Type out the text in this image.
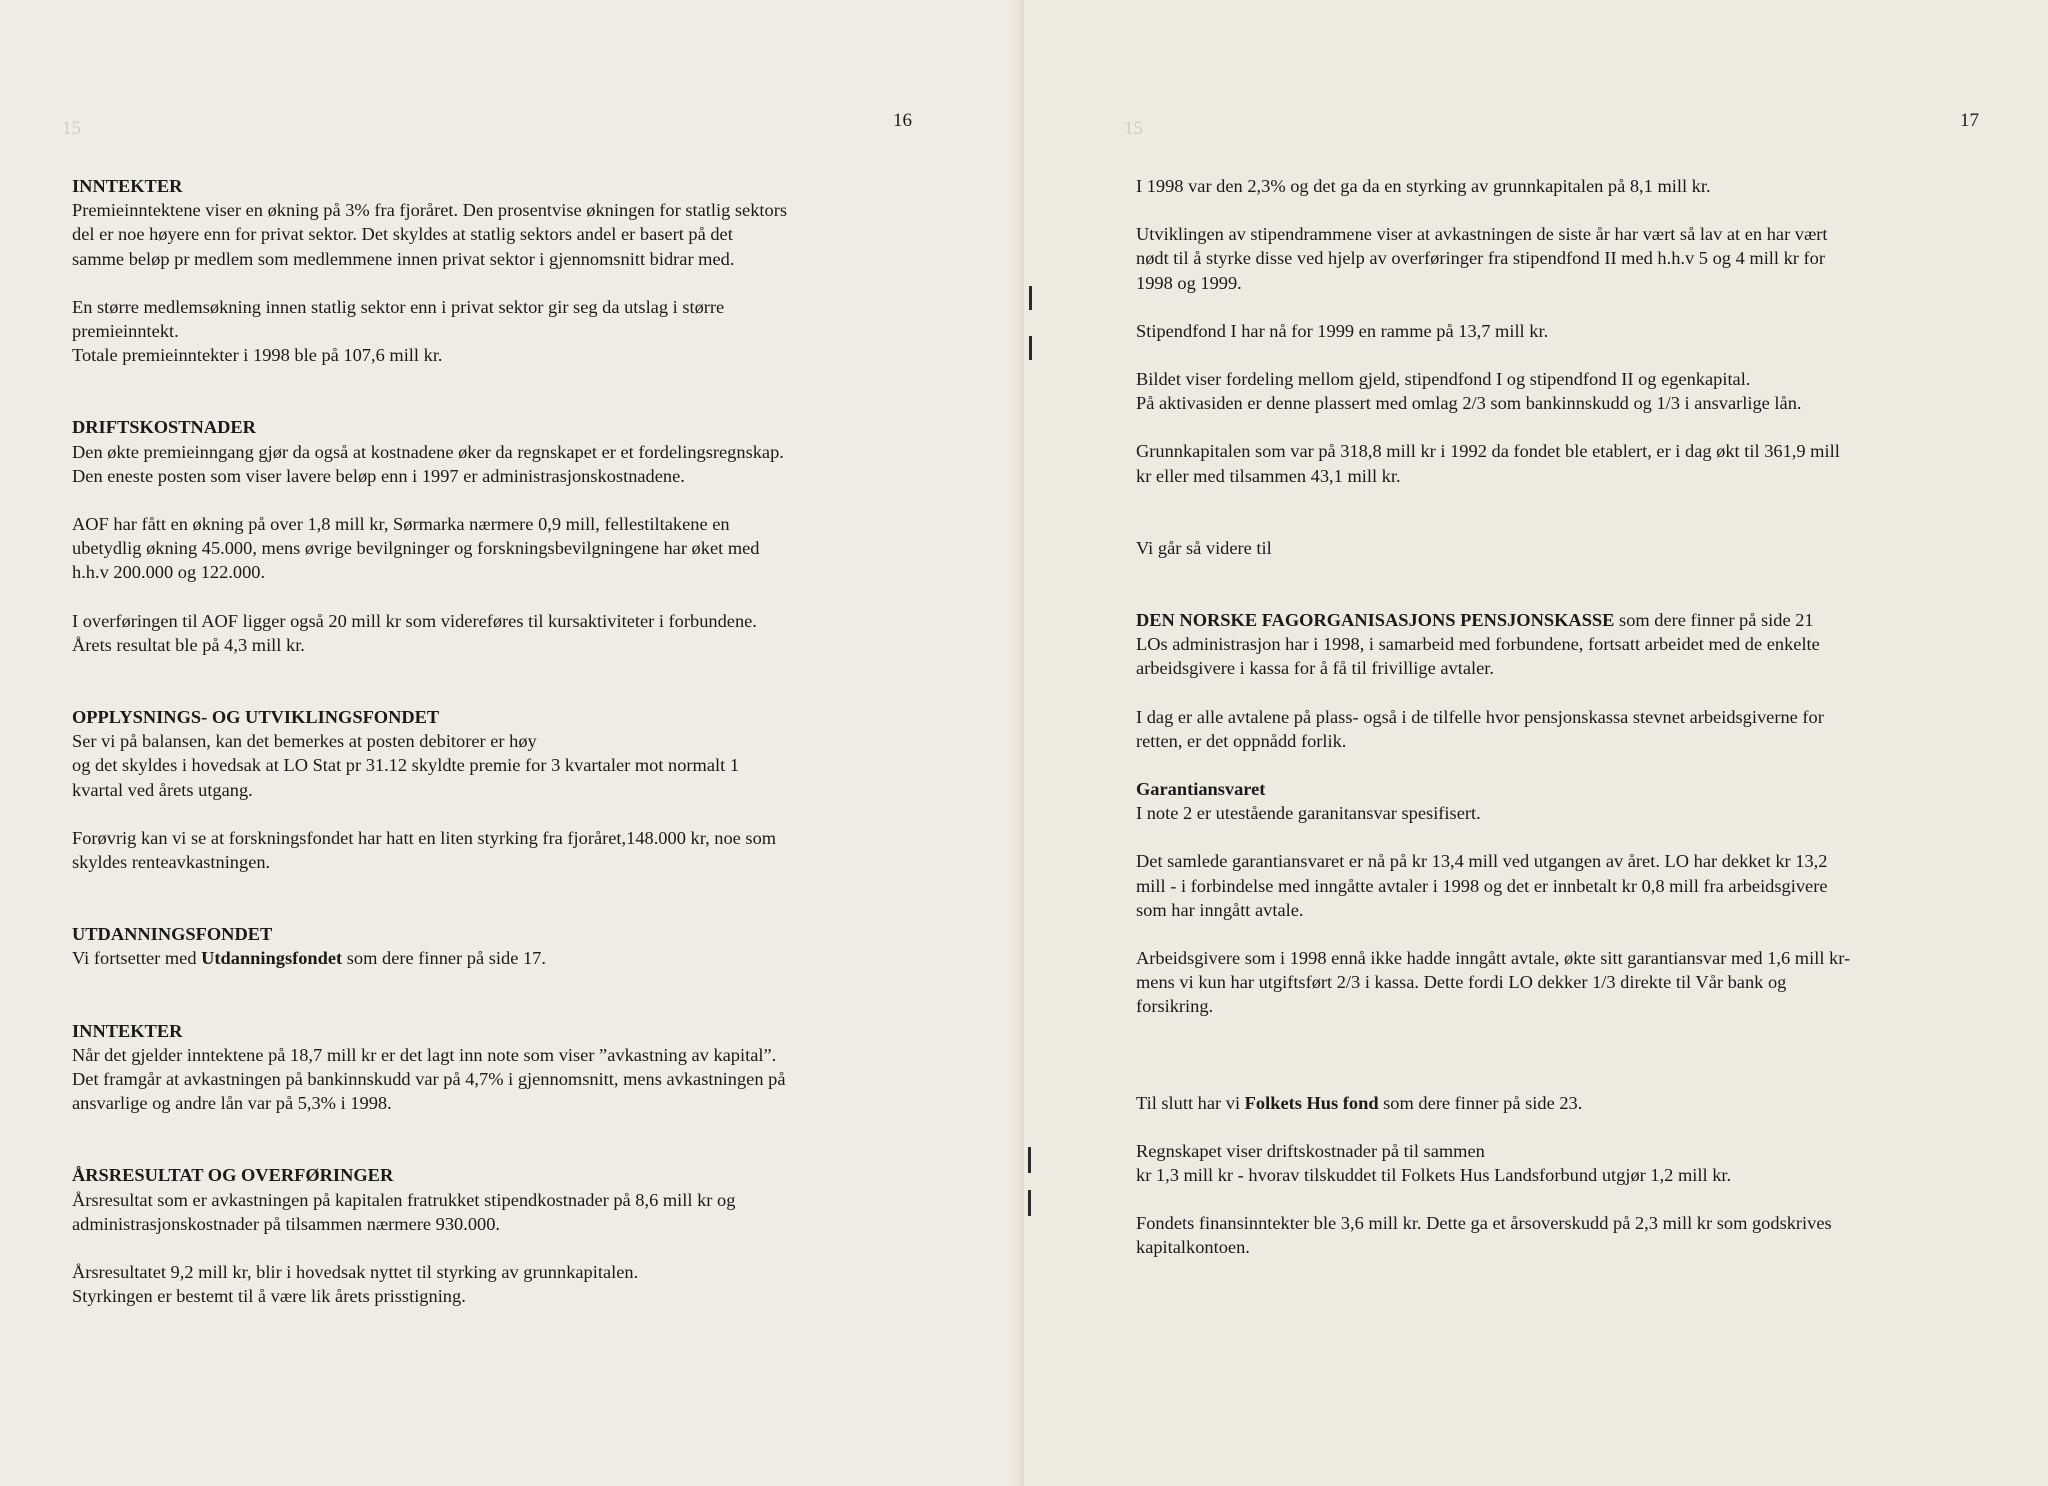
15	16
INNTEKTER

Premieinntektene viser en økning på 3% fra fjoråret. Den prosentvise økningen for statlig sektors
del er noe høyere enn for privat sektor. Det skyldes at statlig sektors andel er basert på det
samme beløp pr medlem som medlemmene innen privat sektor i gjennomsnitt bidrar med.

En større medlemsøkning innen statlig sektor enn i privat sektor gir seg da utslag i større
premieinntekt.
Totale premieinntekter i 1998 ble på 107,6 mill kr.

DRIFTSKOSTNADER

Den økte premieinngang gjør da også at kostnadene øker da regnskapet er et fordelingsregnskap.
Den eneste posten som viser lavere beløp enn i 1997 er administrasjonskostnadene.

AOF har fått en økning på over 1,8 mill kr, Sørmarka nærmere 0,9 mill, fellestiltakene en
ubetydlig økning 45.000, mens øvrige bevilgninger og forskningsbevilgningene har øket med
h.h.v 200.000 og 122.000.

I overføringen til AOF ligger også 20 mill kr som videreføres til kursaktiviteter i forbundene.
Årets resultat ble på 4,3 mill kr.

OPPLYSNINGS- OG UTVIKLINGSFONDET

Ser vi på balansen, kan det bemerkes at posten debitorer er høy
og det skyldes i hovedsak at LO Stat pr 31.12 skyldte premie for 3 kvartaler mot normalt 1
kvartal ved årets utgang.

Forøvrig kan vi se at forskningsfondet har hatt en liten styrking fra fjoråret,148.000 kr, noe som
skyldes renteavkastningen.

UTDANNINGSFONDET

Vi fortsetter med Utdanningsfondet som dere finner på side 17.

INNTEKTER

Når det gjelder inntektene på 18,7 mill kr er det lagt inn note som viser ”avkastning av kapital”.
Det framgår at avkastningen på bankinnskudd var på 4,7% i gjennomsnitt, mens avkastningen på
ansvarlige og andre lån var på 5,3% i 1998.

ÅRSRESULTAT OG OVERFØRINGER

Årsresultat som er avkastningen på kapitalen fratrukket stipendkostnader på 8,6 mill kr og
administrasjonskostnader på tilsammen nærmere 930.000.

Årsresultatet 9,2 mill kr, blir i hovedsak nyttet til styrking av grunnkapitalen.
Styrkingen er bestemt til å være lik årets prisstigning.

15	17

I 1998 var den 2,3% og det ga da en styrking av grunnkapitalen på 8,1 mill kr.

Utviklingen av stipendrammene viser at avkastningen de siste år har vært så lav at en har vært
nødt til å styrke disse ved hjelp av overføringer fra stipendfond II med h.h.v 5 og 4 mill kr for
1998 og 1999.

Stipendfond I har nå for 1999 en ramme på 13,7 mill kr.

Bildet viser fordeling mellom gjeld, stipendfond I og stipendfond II og egenkapital.
På aktivasiden er denne plassert med omlag 2/3 som bankinnskudd og 1/3 i ansvarlige lån.

Grunnkapitalen som var på 318,8 mill kr i 1992 da fondet ble etablert, er i dag økt til 361,9 mill
kr eller med tilsammen 43,1 mill kr.

Vi går så videre til

DEN NORSKE FAGORGANISASJONS PENSJONSKASSE som dere finner på side 21
LOs administrasjon har i 1998, i samarbeid med forbundene, fortsatt arbeidet med de enkelte
arbeidsgivere i kassa for å få til frivillige avtaler.

I dag er alle avtalene på plass- også i de tilfelle hvor pensjonskassa stevnet arbeidsgiverne for
retten, er det oppnådd forlik.

Garantiansvaret

I note 2 er utestående garanitansvar spesifisert.

Det samlede garantiansvaret er nå på kr 13,4 mill ved utgangen av året. LO har dekket kr 13,2
mill - i forbindelse med inngåtte avtaler i 1998 og det er innbetalt kr 0,8 mill fra arbeidsgivere
som har inngått avtale.

Arbeidsgivere som i 1998 ennå ikke hadde inngått avtale, økte sitt garantiansvar med 1,6 mill kr-
mens vi kun har utgiftsført 2/3 i kassa. Dette fordi LO dekker 1/3 direkte til Vår bank og
forsikring.

Til slutt har vi Folkets Hus fond som dere finner på side 23.

Regnskapet viser driftskostnader på til sammen
kr 1,3 mill kr - hvorav tilskuddet til Folkets Hus Landsforbund utgjør 1,2 mill kr.

Fondets finansinntekter ble 3,6 mill kr. Dette ga et årsoverskudd på 2,3 mill kr som godskrives
kapitalkontoen.
